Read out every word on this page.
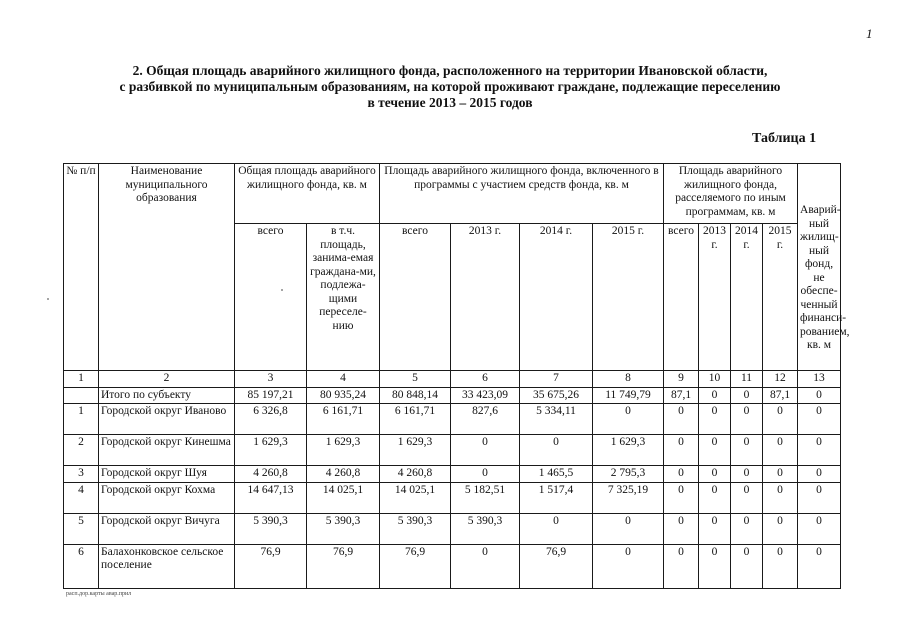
1
2. Общая площадь аварийного жилищного фонда, расположенного на территории Ивановской области,
с разбивкой по муниципальным образованиям, на которой проживают граждане, подлежащие переселению
в течение 2013 – 2015 годов
Таблица 1
№ п/п	Наименование муниципального образования	Общая площадь аварийного жилищного фонда, кв. м		Площадь аварийного жилищного фонда, включенного в программы с участием средств фонда, кв. м				Площадь аварийного жилищного фонда, расселяемого по иным программам, кв. м				Аварий-ный жилищ-ный фонд, не обеспе-ченный финанси-рованием, кв. м
		всего	в т.ч. площадь, занима-емая граждана-ми, подлежа-щими переселе-нию	всего	2013 г.	2014 г.	2015 г.	всего	2013 г.	2014 г.	2015 г.	
1	2	3	4	5	6	7	8	9	10	11	12	13
	Итого по субъекту	85 197,21	80 935,24	80 848,14	33 423,09	35 675,26	11 749,79	87,1	0	0	87,1	0
1	Городской округ Иваново	6 326,8	6 161,71	6 161,71	827,6	5 334,11	0	0	0	0	0	0
2	Городской округ Кинешма	1 629,3	1 629,3	1 629,3	0	0	1 629,3	0	0	0	0	0
3	Городской округ Шуя	4 260,8	4 260,8	4 260,8	0	1 465,5	2 795,3	0	0	0	0	0
4	Городской округ Кохма	14 647,13	14 025,1	14 025,1	5 182,51	1 517,4	7 325,19	0	0	0	0	0
5	Городской округ Вичуга	5 390,3	5 390,3	5 390,3	5 390,3	0	0	0	0	0	0	0
6	Балахонковское сельское поселение	76,9	76,9	76,9	0	76,9	0	0	0	0	0	0
расп.дор.карты авар.прил
